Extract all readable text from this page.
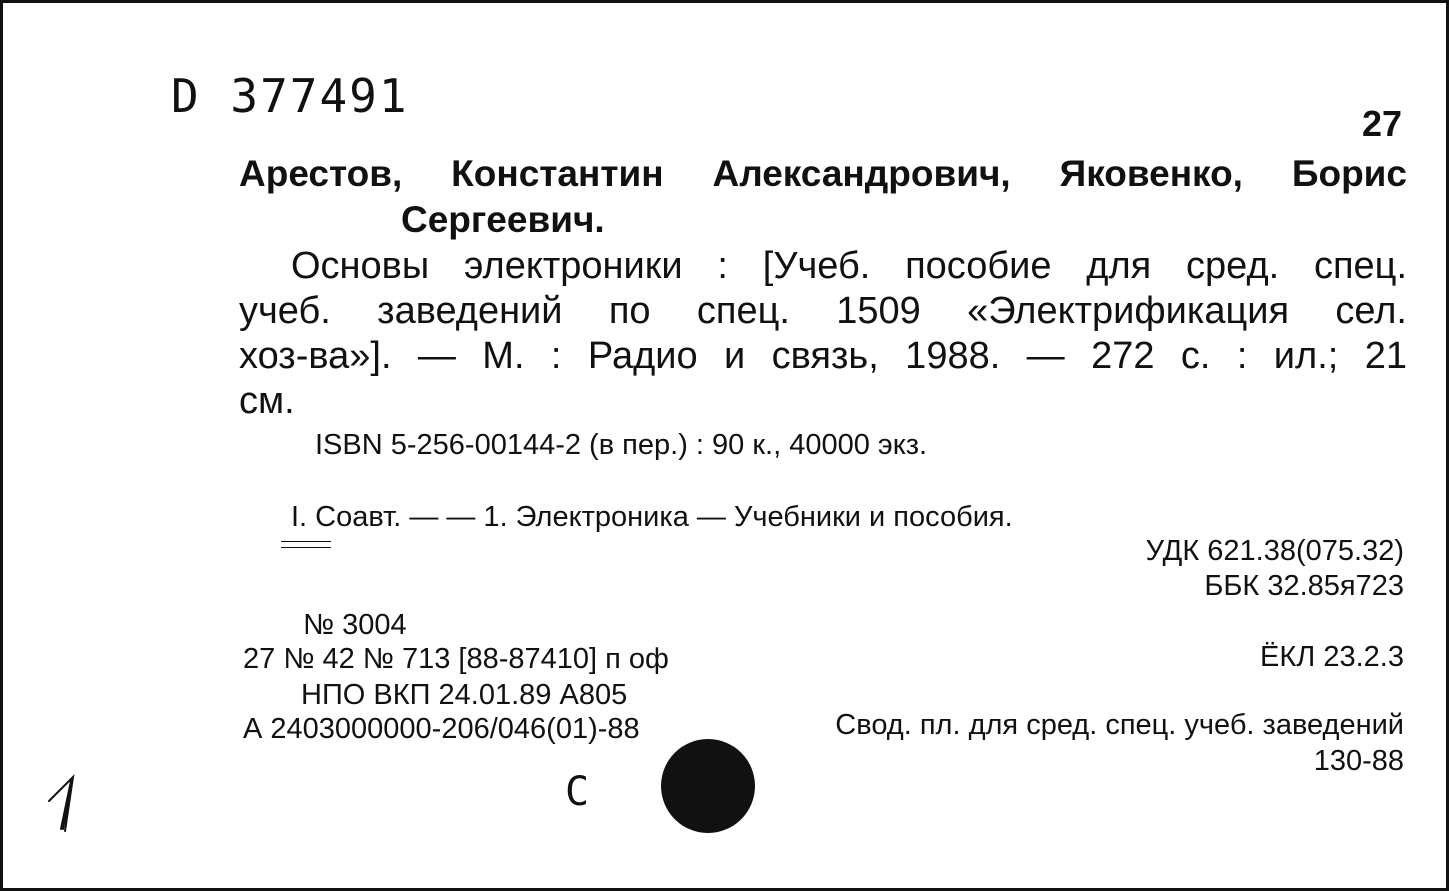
D 377491
27
Арестов, Константин Александрович, Яковенко, Борис
Сергеевич.
Основы электроники : [Учеб. пособие для сред. спец.
учеб. заведений по спец. 1509 «Электрификация сел.
хоз-ва»]. — М. : Радио и связь, 1988. — 272 с. : ил.; 21
см.
ISBN 5-256-00144-2 (в пер.) : 90 к., 40000 экз.
I. Соавт. — — 1. Электроника — Учебники и пособия.
УДК 621.38(075.32)
ББК 32.85я723
№ 3004
27 № 42 № 713 [88-87410] п оф	ЁКЛ 23.2.3
НПО ВКП 24.01.89 А805
А 2403000000-206/046(01)-88	Свод. пл. для сред. спец. учеб. заведений
130-88
С
